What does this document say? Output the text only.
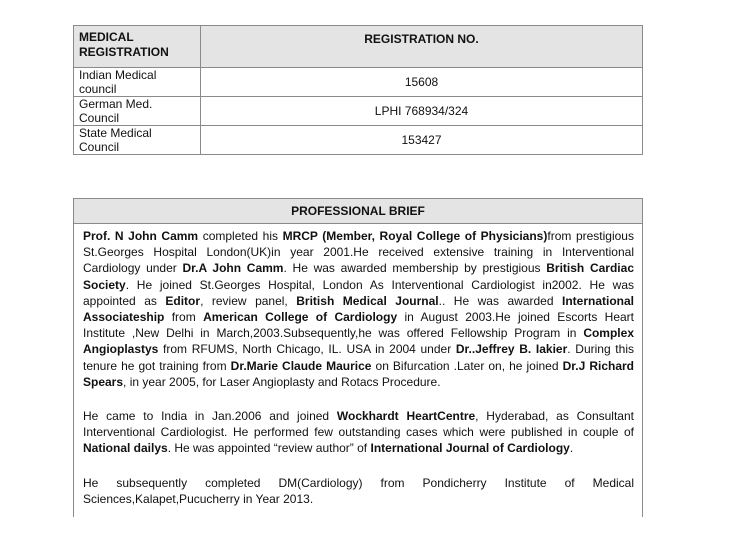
MEDICAL REGISTRATION	REGISTRATION NO.
Indian Medical council	15608
German Med. Council	LPHI 768934/324
State Medical Council	153427
PROFESSIONAL BRIEF

Prof. N John Camm completed his MRCP (Member, Royal College of Physicians)from prestigious St.Georges Hospital London(UK)in year 2001.He received extensive training in Interventional Cardiology under Dr.A John Camm. He was awarded membership by prestigious British Cardiac Society. He joined St.Georges Hospital, London As Interventional Cardiologist in2002. He was appointed as Editor, review panel, British Medical Journal.. He was awarded International Associateship from American College of Cardiology in August 2003.He joined Escorts Heart Institute ,New Delhi in March,2003.Subsequently,he was offered Fellowship Program in Complex Angioplastys from RFUMS, North Chicago, IL. USA in 2004 under Dr..Jeffrey B. Iakier. During this tenure he got training from Dr.Marie Claude Maurice on Bifurcation .Later on, he joined Dr.J Richard Spears, in year 2005, for Laser Angioplasty and Rotacs Procedure.

He came to India in Jan.2006 and joined Wockhardt HeartCentre, Hyderabad, as Consultant Interventional Cardiologist. He performed few outstanding cases which were published in couple of National dailys. He was appointed “review author” of International Journal of Cardiology.

He subsequently completed DM(Cardiology) from Pondicherry Institute of Medical Sciences,Kalapet,Pucucherry in Year 2013.
